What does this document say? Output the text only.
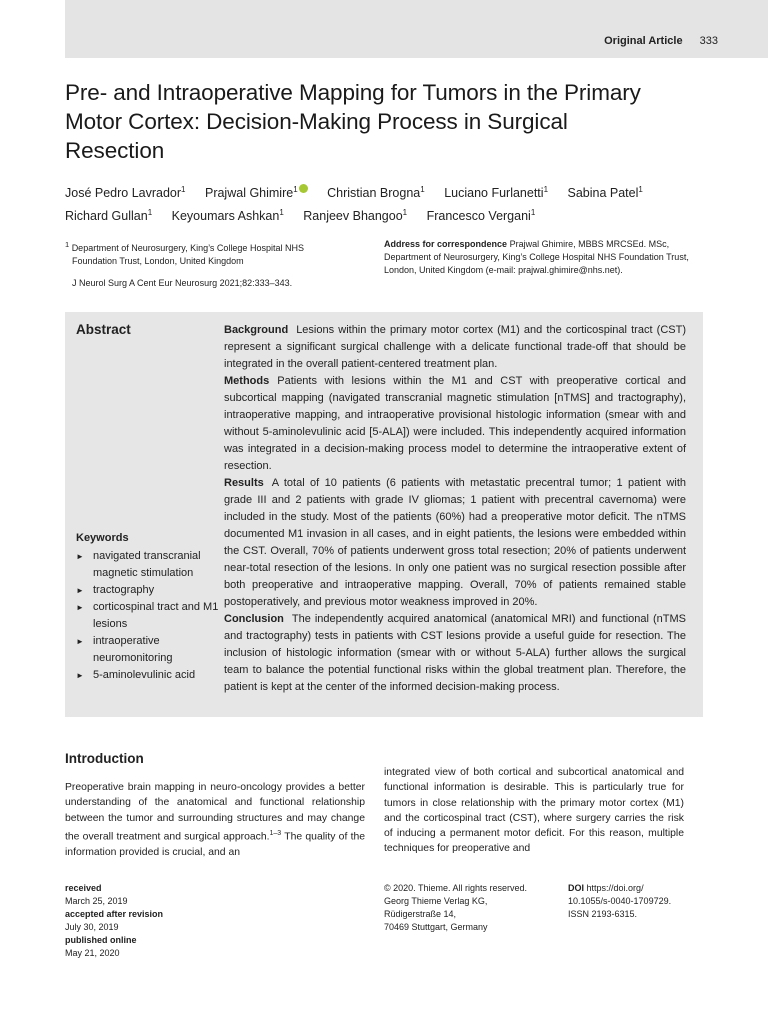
Original Article 333
Pre- and Intraoperative Mapping for Tumors in the Primary Motor Cortex: Decision-Making Process in Surgical Resection
José Pedro Lavrador$^1$ Prajwal Ghimire$^1$ Christian Brogna$^1$ Luciano Furlanetti$^1$ Sabina Patel$^1$
Richard Gullan$^1$ Keyoumars Ashkan$^1$ Ranjeev Bhangoo$^1$ Francesco Vergani$^1$
$^1$ Department of Neurosurgery, King’s College Hospital NHS
Foundation Trust, London, United Kingdom
J Neurol Surg A Cent Eur Neurosurg 2021;82:333–343.
Address for correspondence Prajwal Ghimire, MBBS MRCSEd. MSc, Department of Neurosurgery, King’s College Hospital NHS Foundation Trust, London, United Kingdom (e-mail: prajwal.ghimire@nhs.net).
Abstract	Background Lesions within the primary motor cortex (M1) and the corticospinal tract (CST) represent a significant surgical challenge with a delicate functional trade-off that should be integrated in the overall patient-centered treatment plan.

Methods Patients with lesions within the M1 and CST with preoperative cortical and subcortical mapping (navigated transcranial magnetic stimulation [nTMS] and tractography), intraoperative mapping, and intraoperative provisional histologic information (smear with and without 5-aminolevulinic acid [5-ALA]) were included. This independently acquired information was integrated in a decision-making process model to determine the intraoperative extent of resection.

Results A total of 10 patients (6 patients with metastatic precentral tumor; 1 patient with grade III and 2 patients with grade IV gliomas; 1 patient with precentral cavernoma) were included in the study. Most of the patients (60%) had a preoperative motor deficit. The nTMS documented M1 invasion in all cases, and in eight patients, the lesions were embedded within the CST. Overall, 70% of patients underwent gross total resection; 20% of patients underwent near-total resection of the lesions. In only one patient was no surgical resection possible after both preoperative and intraoperative mapping. Overall, 70% of patients remained stable postoperatively, and previous motor weakness improved in 20%.

Conclusion The independently acquired anatomical (anatomical MRI) and functional (nTMS and tractography) tests in patients with CST lesions provide a useful guide for resection. The inclusion of histologic information (smear with or without 5-ALA) further allows the surgical team to balance the potential functional risks within the global treatment plan. Therefore, the patient is kept at the center of the informed decision-making process.

Keywords
► navigated transcranial magnetic stimulation
► tractography
► corticospinal tract and M1 lesions
► intraoperative neuromonitoring
► 5-aminolevulinic acid
Introduction

Preoperative brain mapping in neuro-oncology provides a better understanding of the anatomical and functional relationship between the tumor and surrounding structures and may change the overall treatment and surgical approach.$^{1-3}$ The quality of the information provided is crucial, and an

integrated view of both cortical and subcortical anatomical and functional information is desirable. This is particularly true for tumors in close relationship with the primary motor cortex (M1) and the corticospinal tract (CST), where surgery carries the risk of inducing a permanent motor deficit. For this reason, multiple techniques for preoperative and

received
March 25, 2019
accepted after revision
July 30, 2019
published online
May 21, 2020
© 2020. Thieme. All rights reserved.
Georg Thieme Verlag KG,
Rüdigerstraße 14,
70469 Stuttgart, Germany
DOI https://doi.org/
10.1055/s-0040-1709729.
ISSN 2193-6315.
